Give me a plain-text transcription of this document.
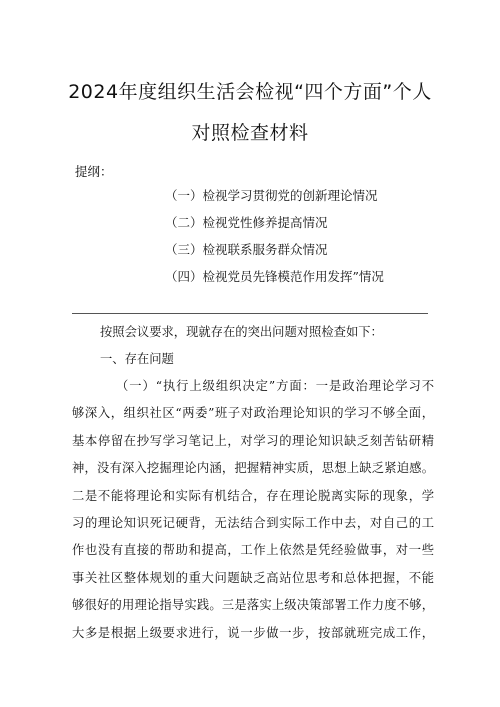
2024年度组织生活会检视“四个方面”个人
对照检查材料
提纲：
（一）检视学习贯彻党的创新理论情况
（二）检视党性修养提高情况
（三）检视联系服务群众情况
（四）检视党员先锋模范作用发挥”情况
按照会议要求，现就存在的突出问题对照检查如下：
一、存在问题
（一）“执行上级组织决定”方面：一是政治理论学习不
够深入，组织社区“两委”班子对政治理论知识的学习不够全面，
基本停留在抄写学习笔记上，对学习的理论知识缺乏刻苦钻研精
神，没有深入挖掘理论内涵，把握精神实质，思想上缺乏紧迫感。
二是不能将理论和实际有机结合，存在理论脱离实际的现象，学
习的理论知识死记硬背，无法结合到实际工作中去，对自己的工
作也没有直接的帮助和提高，工作上依然是凭经验做事，对一些
事关社区整体规划的重大问题缺乏高站位思考和总体把握，不能
够很好的用理论指导实践。三是落实上级决策部署工作力度不够，
大多是根据上级要求进行，说一步做一步，按部就班完成工作，
